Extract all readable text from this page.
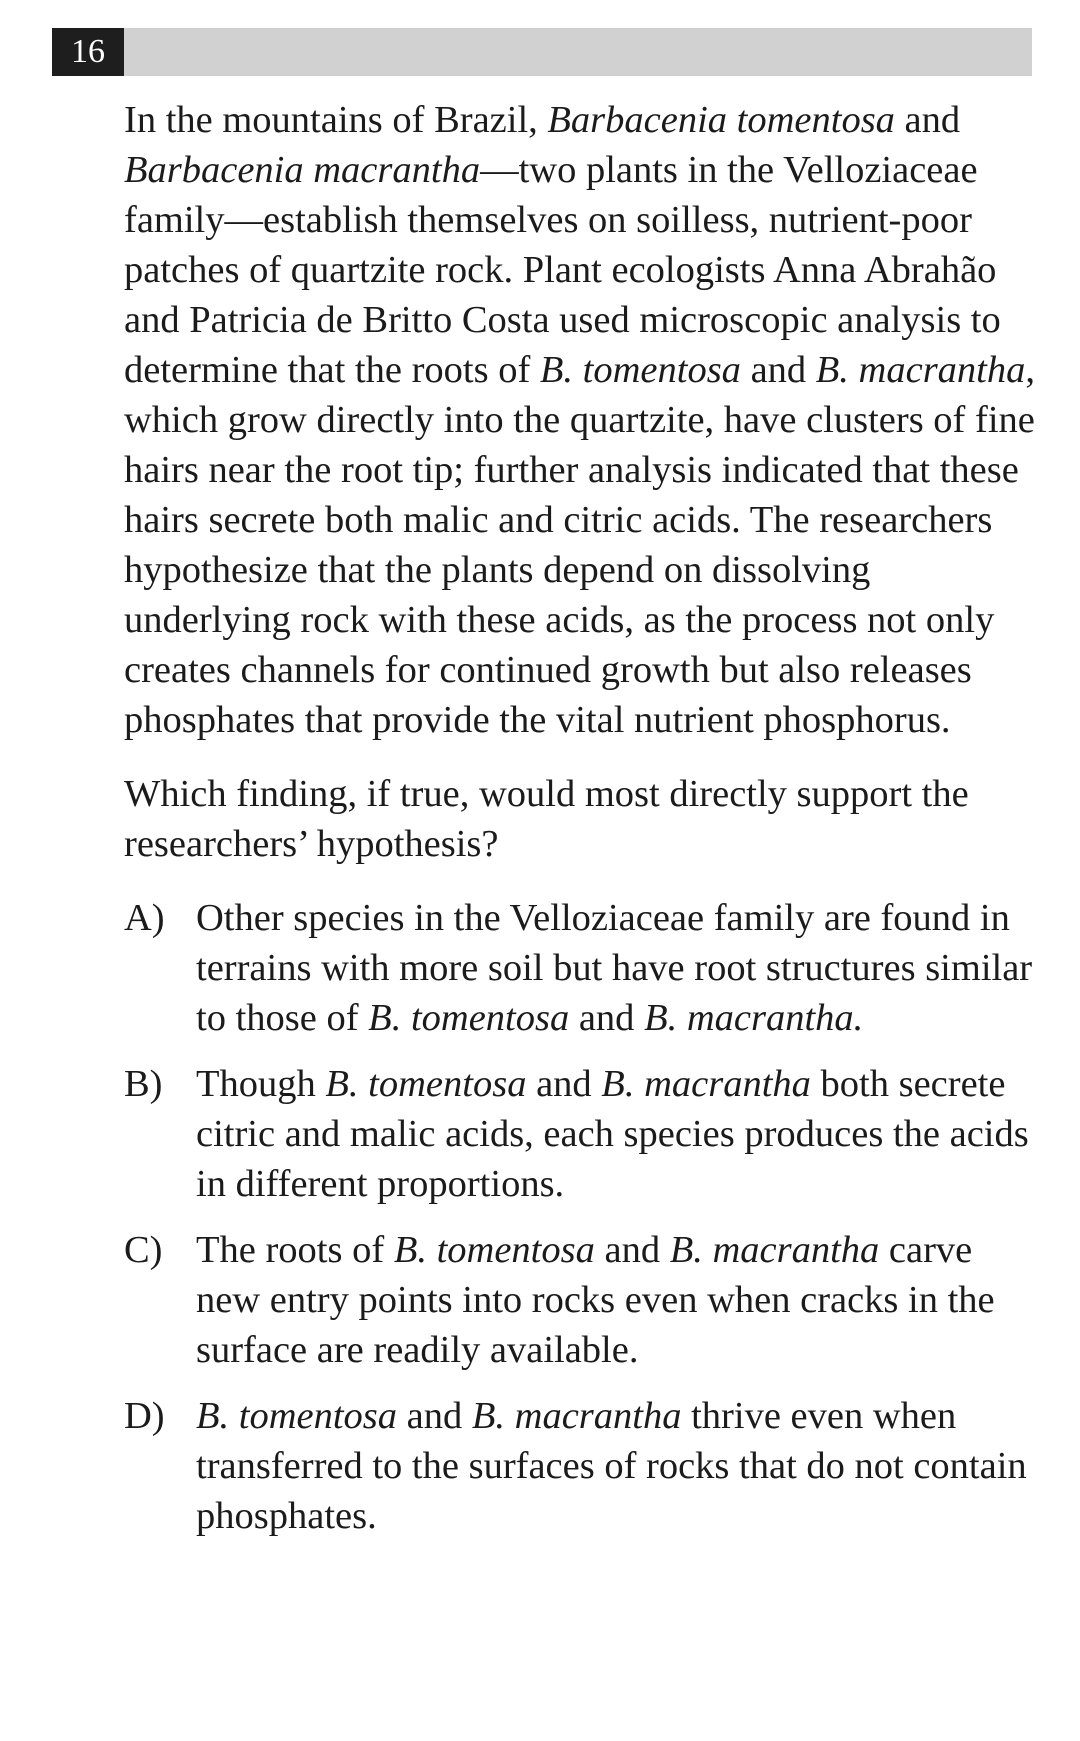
16

In the mountains of Brazil, Barbacenia tomentosa and Barbacenia macrantha—two plants in the Velloziaceae family—establish themselves on soilless, nutrient-poor patches of quartzite rock. Plant ecologists Anna Abrahão and Patricia de Britto Costa used microscopic analysis to determine that the roots of B. tomentosa and B. macrantha, which grow directly into the quartzite, have clusters of fine hairs near the root tip; further analysis indicated that these hairs secrete both malic and citric acids. The researchers hypothesize that the plants depend on dissolving underlying rock with these acids, as the process not only creates channels for continued growth but also releases phosphates that provide the vital nutrient phosphorus.

Which finding, if true, would most directly support the researchers’ hypothesis?

A) Other species in the Velloziaceae family are found in terrains with more soil but have root structures similar to those of B. tomentosa and B. macrantha.
B) Though B. tomentosa and B. macrantha both secrete citric and malic acids, each species produces the acids in different proportions.
C) The roots of B. tomentosa and B. macrantha carve new entry points into rocks even when cracks in the surface are readily available.
D) B. tomentosa and B. macrantha thrive even when transferred to the surfaces of rocks that do not contain phosphates.
